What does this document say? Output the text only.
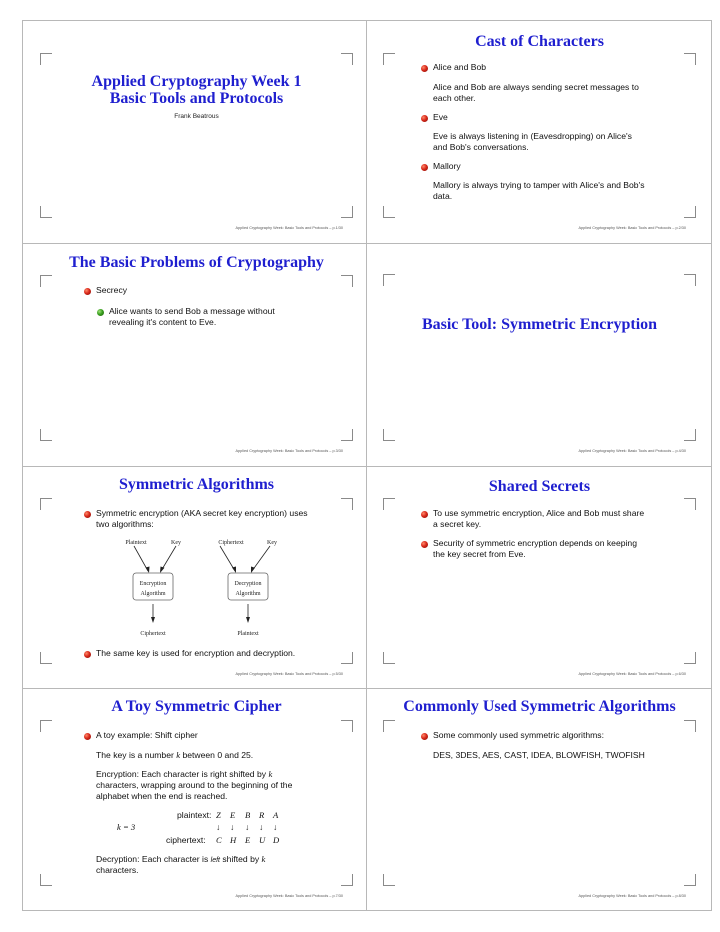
Applied Cryptography Week 1
Basic Tools and Protocols
Frank Beatrous
Applied Cryptography Week: Basic Tools and Protocols – p.1/30
Cast of Characters
Alice and Bob
Alice and Bob are always sending secret messages to
each other.
Eve
Eve is always listening in (Eavesdropping) on Alice's
and Bob's conversations.
Mallory
Mallory is always trying to tamper with Alice's and Bob's
data.
Applied Cryptography Week: Basic Tools and Protocols – p.2/30
The Basic Problems of Cryptography
Secrecy
Alice wants to send Bob a message without
revealing it's content to Eve.
Applied Cryptography Week: Basic Tools and Protocols – p.3/30
Basic Tool: Symmetric Encryption
Applied Cryptography Week: Basic Tools and Protocols – p.4/30
Symmetric Algorithms
Symmetric encryption (AKA secret key encryption) uses
two algorithms:
Plaintext	Key	Ciphertext	Key
Encryption
Algorithm
Decryption
Algorithm
Ciphertext	Plaintext
The same key is used for encryption and decryption.
Applied Cryptography Week: Basic Tools and Protocols – p.5/30
Shared Secrets
To use symmetric encryption, Alice and Bob must share
a secret key.
Security of symmetric encryption depends on keeping
the key secret from Eve.
Applied Cryptography Week: Basic Tools and Protocols – p.6/30
A Toy Symmetric Cipher
A toy example: Shift cipher
The key is a number k between 0 and 25.
Encryption: Each character is right shifted by k
characters, wrapping around to the beginning of the
alphabet when the end is reached.
plaintext: Z E B R A
k = 3	↓ ↓ ↓ ↓ ↓
ciphertext: C H E U D
Decryption: Each character is left shifted by k
characters.
Applied Cryptography Week: Basic Tools and Protocols – p.7/30
Commonly Used Symmetric Algorithms
Some commonly used symmetric algorithms:
DES, 3DES, AES, CAST, IDEA, BLOWFISH, TWOFISH
Applied Cryptography Week: Basic Tools and Protocols – p.8/30
